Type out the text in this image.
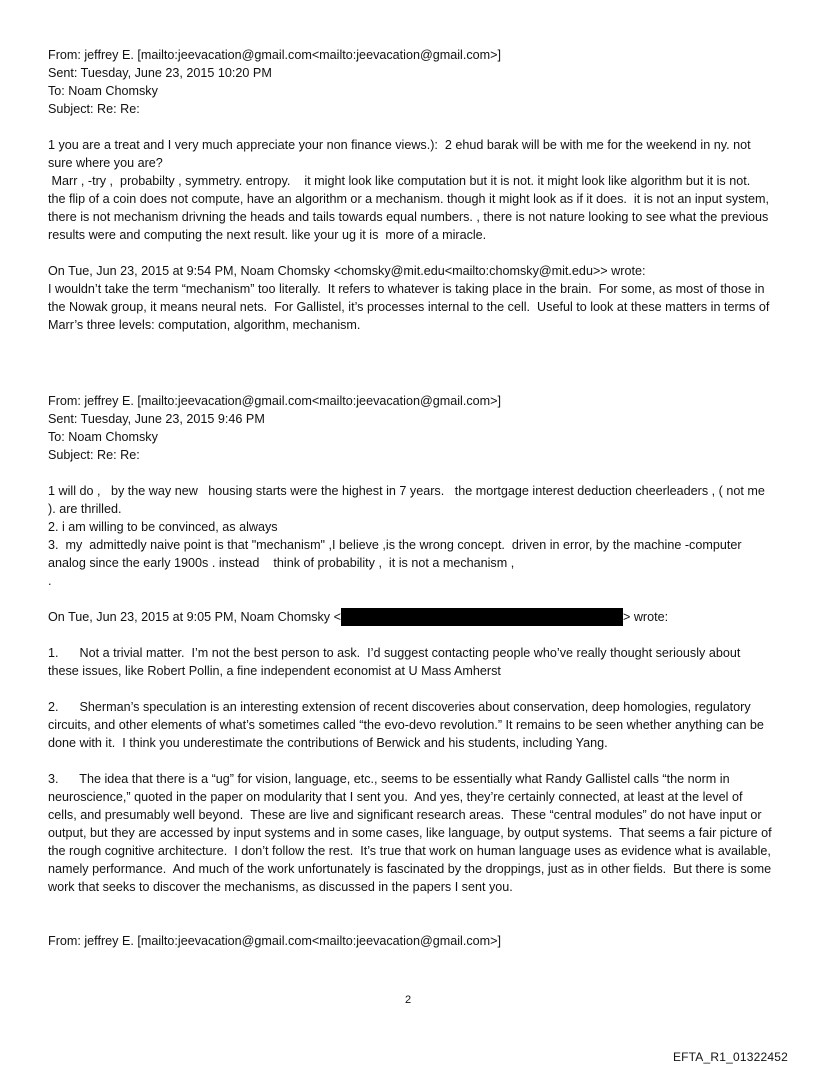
From: jeffrey E. [mailto:jeevacation@gmail.com<mailto:jeevacation@gmail.com>]
Sent: Tuesday, June 23, 2015 10:20 PM
To: Noam Chomsky
Subject: Re: Re:
1 you are a treat and I very much appreciate your non finance views.):  2 ehud barak will be with me for the weekend in ny. not sure where you are?
Marr , -try ,  probabilty , symmetry. entropy.    it might look like computation but it is not. it might look like algorithm but it is not.  the flip of a coin does not compute, have an algorithm or a mechanism. though it might look as if it does.  it is not an input system, there is not mechanism drivning the heads and tails towards equal numbers. , there is not nature looking to see what the previous results were and computing the next result. like your ug it is  more of a miracle.
On Tue, Jun 23, 2015 at 9:54 PM, Noam Chomsky <chomsky@mit.edu<mailto:chomsky@mit.edu>> wrote:
I wouldn’t take the term “mechanism” too literally.  It refers to whatever is taking place in the brain.  For some, as most of those in the Nowak group, it means neural nets.  For Gallistel, it’s processes internal to the cell.  Useful to look at these matters in terms of Marr’s three levels: computation, algorithm, mechanism.
From: jeffrey E. [mailto:jeevacation@gmail.com<mailto:jeevacation@gmail.com>]
Sent: Tuesday, June 23, 2015 9:46 PM
To: Noam Chomsky
Subject: Re: Re:
1 will do ,   by the way new   housing starts were the highest in 7 years.   the mortgage interest deduction cheerleaders , ( not me ). are thrilled.
2. i am willing to be convinced, as always
3.  my  admittedly naive point is that "mechanism" ,I believe ,is the wrong concept.  driven in error, by the machine -computer analog since the early 1900s . instead    think of probability ,  it is not a mechanism ,
.
On Tue, Jun 23, 2015 at 9:05 PM, Noam Chomsky <	> wrote:
1.      Not a trivial matter.  I’m not the best person to ask.  I’d suggest contacting people who’ve really thought seriously about these issues, like Robert Pollin, a fine independent economist at U Mass Amherst
2.      Sherman’s speculation is an interesting extension of recent discoveries about conservation, deep homologies, regulatory circuits, and other elements of what’s sometimes called “the evo-devo revolution.” It remains to be seen whether anything can be done with it.  I think you underestimate the contributions of Berwick and his students, including Yang.
3.      The idea that there is a “ug” for vision, language, etc., seems to be essentially what Randy Gallistel calls “the norm in neuroscience,” quoted in the paper on modularity that I sent you.  And yes, they’re certainly connected, at least at the level of cells, and presumably well beyond.  These are live and significant research areas.  These “central modules” do not have input or output, but they are accessed by input systems and in some cases, like language, by output systems.  That seems a fair picture of the rough cognitive architecture.  I don’t follow the rest.  It’s true that work on human language uses as evidence what is available, namely performance.  And much of the work unfortunately is fascinated by the droppings, just as in other fields.  But there is some work that seeks to discover the mechanisms, as discussed in the papers I sent you.
From: jeffrey E. [mailto:jeevacation@gmail.com<mailto:jeevacation@gmail.com>]
2
EFTA_R1_01322452
